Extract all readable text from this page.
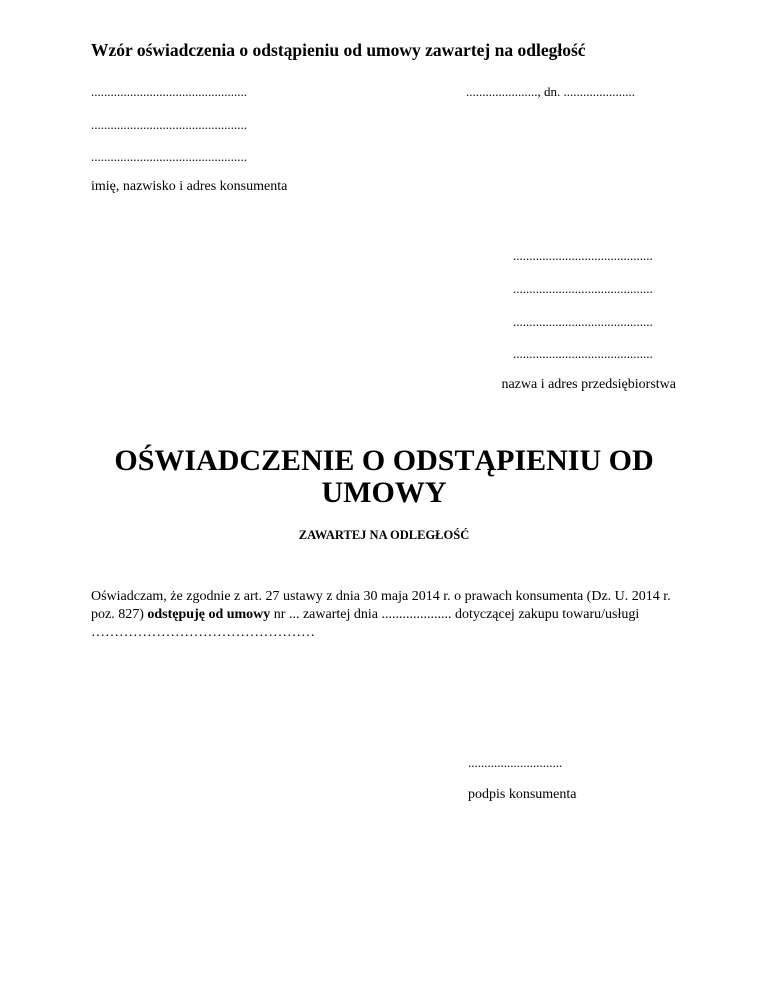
Wzór oświadczenia o odstąpieniu od umowy zawartej na odległość
................................................	......................, dn. ......................
................................................
................................................
imię, nazwisko i adres konsumenta
...........................................
...........................................
...........................................
...........................................
nazwa i adres przedsiębiorstwa
OŚWIADCZENIE O ODSTĄPIENIU OD
UMOWY
ZAWARTEJ NA ODLEGŁOŚĆ
Oświadczam, że zgodnie z art. 27 ustawy z dnia 30 maja 2014 r. o prawach konsumenta (Dz. U. 2014 r. poz. 827) odstępuję od umowy nr ... zawartej dnia .................... dotyczącej zakupu towaru/usługi …………………………………………
.............................
podpis konsumenta
